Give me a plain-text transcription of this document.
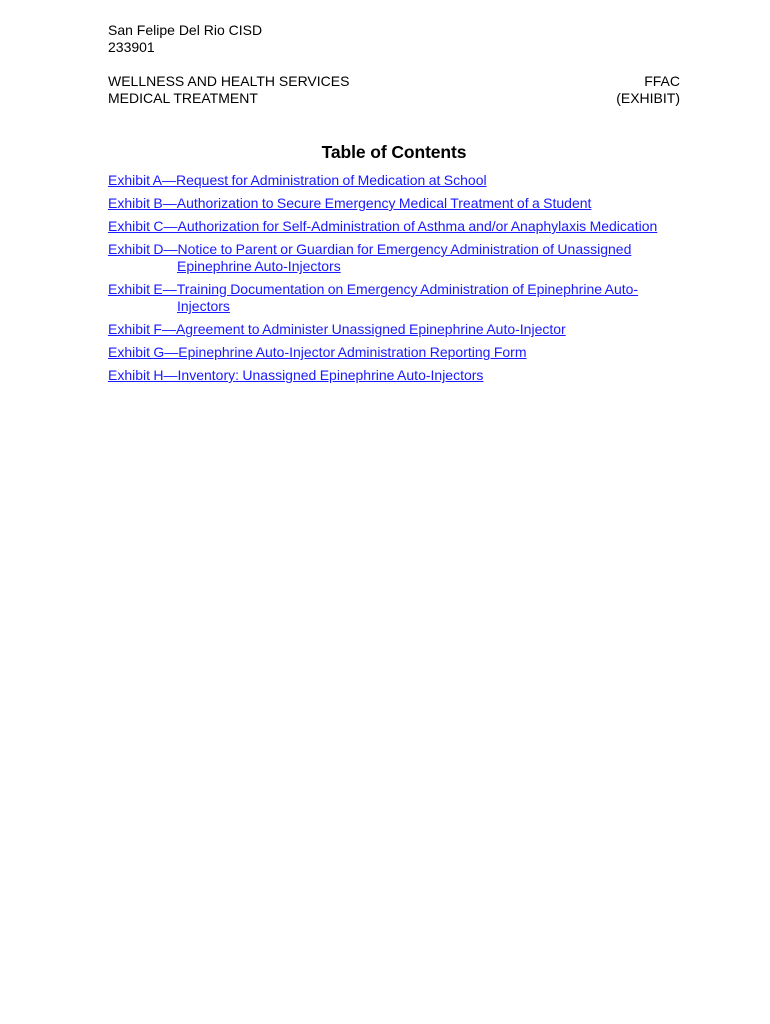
San Felipe Del Rio CISD
233901
WELLNESS AND HEALTH SERVICES
MEDICAL TREATMENT
FFAC
(EXHIBIT)
Table of Contents
Exhibit A—Request for Administration of Medication at School
Exhibit B—Authorization to Secure Emergency Medical Treatment of a Student
Exhibit C—Authorization for Self-Administration of Asthma and/or Anaphylaxis Medication
Exhibit D—Notice to Parent or Guardian for Emergency Administration of Unassigned Epinephrine Auto-Injectors
Exhibit E—Training Documentation on Emergency Administration of Epinephrine Auto-Injectors
Exhibit F—Agreement to Administer Unassigned Epinephrine Auto-Injector
Exhibit G—Epinephrine Auto-Injector Administration Reporting Form
Exhibit H—Inventory: Unassigned Epinephrine Auto-Injectors
